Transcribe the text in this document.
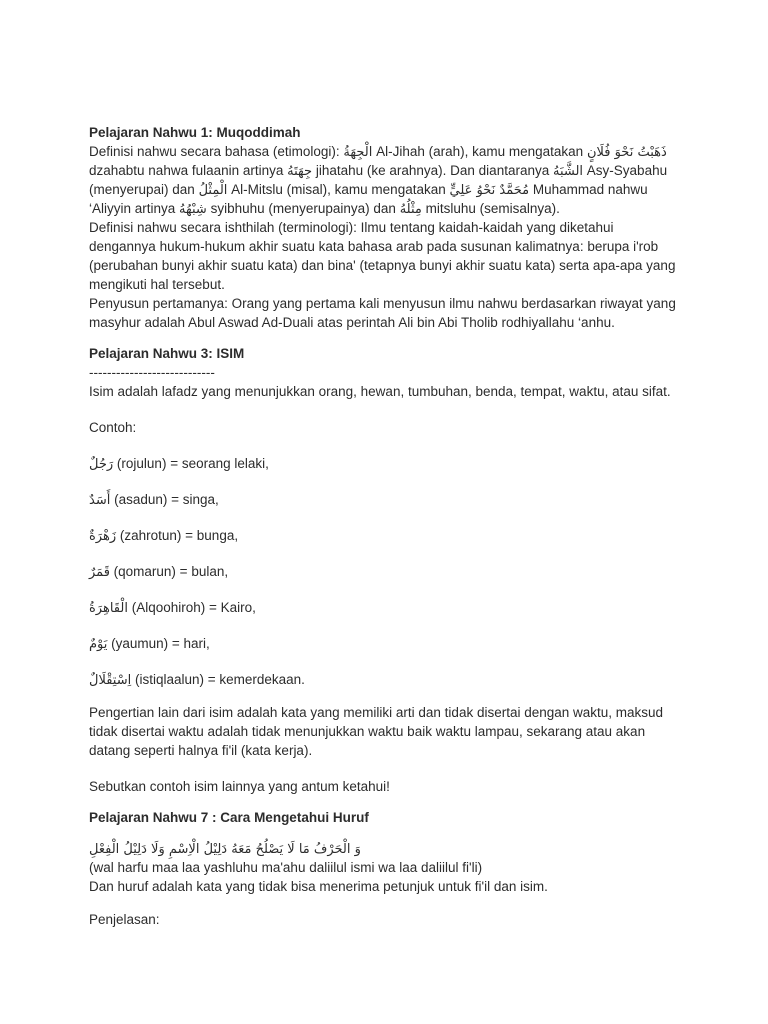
Pelajaran Nahwu 1: Muqoddimah
Definisi nahwu secara bahasa (etimologi): الْجِهَةُ Al-Jihah (arah), kamu mengatakan ذَهَبْتُ نَحْوَ فُلَانٍ dzahabtu nahwa fulaanin artinya جِهَتَهُ jihatahu (ke arahnya). Dan diantaranya الشَّبَهُ Asy-Syabahu (menyerupai) dan الْمِثْلُ Al-Mitslu (misal), kamu mengatakan مُحَمَّدٌ نَحْوُ عَلِيٍّ Muhammad nahwu ‘Aliyyin artinya شِبْهُهُ syibhuhu (menyerupainya) dan مِثْلُهُ mitsluhu (semisalnya).
Definisi nahwu secara ishthilah (terminologi): Ilmu tentang kaidah-kaidah yang diketahui dengannya hukum-hukum akhir suatu kata bahasa arab pada susunan kalimatnya: berupa i'rob (perubahan bunyi akhir suatu kata) dan bina' (tetapnya bunyi akhir suatu kata) serta apa-apa yang mengikuti hal tersebut.
Penyusun pertamanya: Orang yang pertama kali menyusun ilmu nahwu berdasarkan riwayat yang masyhur adalah Abul Aswad Ad-Duali atas perintah Ali bin Abi Tholib rodhiyallahu ‘anhu.
Pelajaran Nahwu 3: ISIM
----------------------------
Isim adalah lafadz yang menunjukkan orang, hewan, tumbuhan, benda, tempat, waktu, atau sifat.
Contoh:
رَجُلٌ (rojulun) = seorang lelaki,
أَسَدٌ (asadun) = singa,
زَهْرَةٌ (zahrotun) = bunga,
قَمَرٌ (qomarun) = bulan,
الْقَاهِرَةُ (Alqoohiroh) = Kairo,
يَوْمٌ (yaumun) = hari,
اِسْتِقْلَالٌ (istiqlaalun) = kemerdekaan.
Pengertian lain dari isim adalah kata yang memiliki arti dan tidak disertai dengan waktu, maksud tidak disertai waktu adalah tidak menunjukkan waktu baik waktu lampau, sekarang atau akan datang seperti halnya fi'il (kata kerja).
Sebutkan contoh isim lainnya yang antum ketahui!
Pelajaran Nahwu 7 : Cara Mengetahui Huruf
وَ الْحَرْفُ مَا لَا يَصْلُحُ مَعَهُ دَلِيْلُ الْاِسْمِ وَلَا دَلِيْلُ الْفِعْلِ
(wal harfu maa laa yashluhu ma'ahu daliilul ismi wa laa daliilul fi'li)
Dan huruf adalah kata yang tidak bisa menerima petunjuk untuk fi'il dan isim.
Penjelasan:
